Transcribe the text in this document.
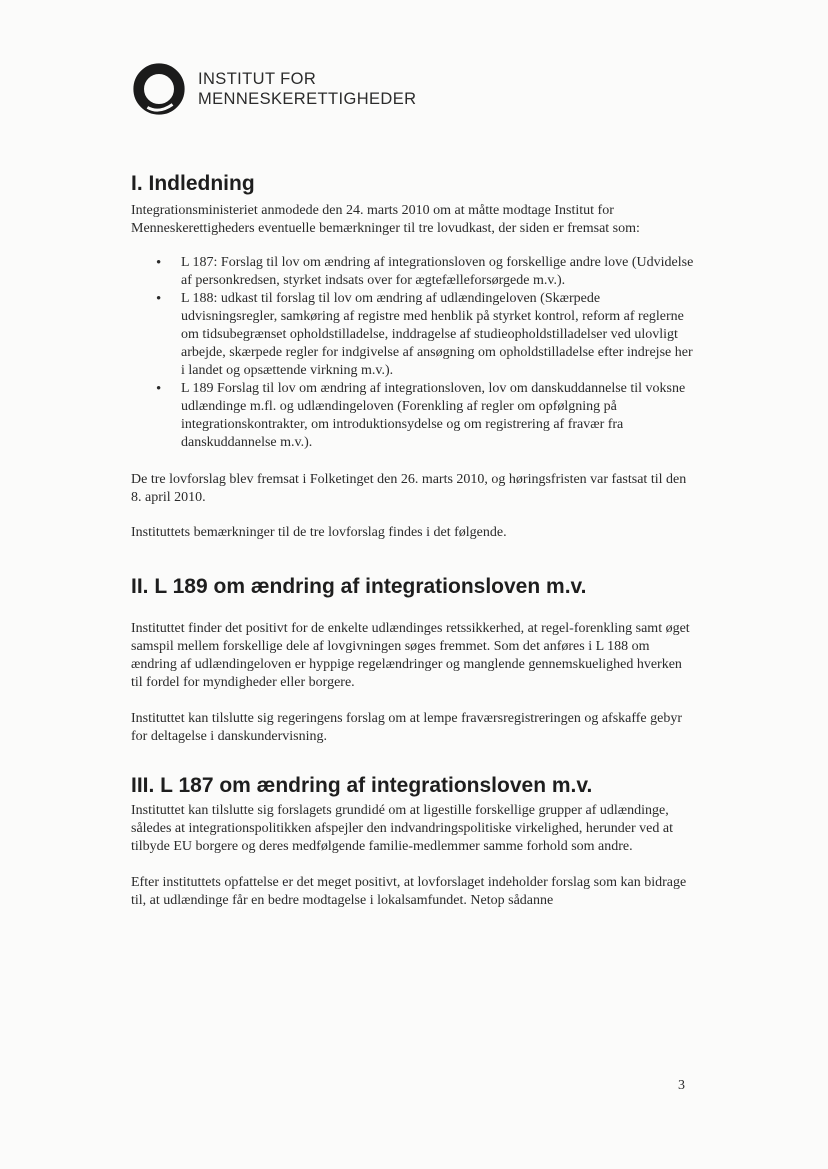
INSTITUT FOR
MENNESKERETTIGHEDER
I. Indledning

Integrationsministeriet anmodede den 24. marts 2010 om at måtte modtage Institut for Menneskerettigheders eventuelle bemærkninger til tre lovudkast, der siden er fremsat som:

• L 187: Forslag til lov om ændring af integrationsloven og forskellige andre love (Udvidelse af personkredsen, styrket indsats over for ægtefælleforsørgede m.v.).
• L 188: udkast til forslag til lov om ændring af udlændingeloven (Skærpede udvisningsregler, samkøring af registre med henblik på styrket kontrol, reform af reglerne om tidsubegrænset opholdstilladelse, inddragelse af studieopholdstilladelser ved ulovligt arbejde, skærpede regler for indgivelse af ansøgning om opholdstilladelse efter indrejse her i landet og opsættende virkning m.v.).
• L 189 Forslag til lov om ændring af integrationsloven, lov om danskuddannelse til voksne udlændinge m.fl. og udlændingeloven (Forenkling af regler om opfølgning på integrationskontrakter, om introduktionsydelse og om registrering af fravær fra danskuddannelse m.v.).

De tre lovforslag blev fremsat i Folketinget den 26. marts 2010, og høringsfristen var fastsat til den 8. april 2010.

Instituttets bemærkninger til de tre lovforslag findes i det følgende.

II. L 189 om ændring af integrationsloven m.v.

Instituttet finder det positivt for de enkelte udlændinges retssikkerhed, at regel-forenkling samt øget samspil mellem forskellige dele af lovgivningen søges fremmet. Som det anføres i L 188 om ændring af udlændingeloven er hyppige regelændringer og manglende gennemskuelighed hverken til fordel for myndigheder eller borgere.

Instituttet kan tilslutte sig regeringens forslag om at lempe fraværsregistreringen og afskaffe gebyr for deltagelse i danskundervisning.

III. L 187 om ændring af integrationsloven m.v.

Instituttet kan tilslutte sig forslagets grundidé om at ligestille forskellige grupper af udlændinge, således at integrationspolitikken afspejler den indvandringspolitiske virkelighed, herunder ved at tilbyde EU borgere og deres medfølgende familie-medlemmer samme forhold som andre.

Efter instituttets opfattelse er det meget positivt, at lovforslaget indeholder forslag som kan bidrage til, at udlændinge får en bedre modtagelse i lokalsamfundet. Netop sådanne

3
